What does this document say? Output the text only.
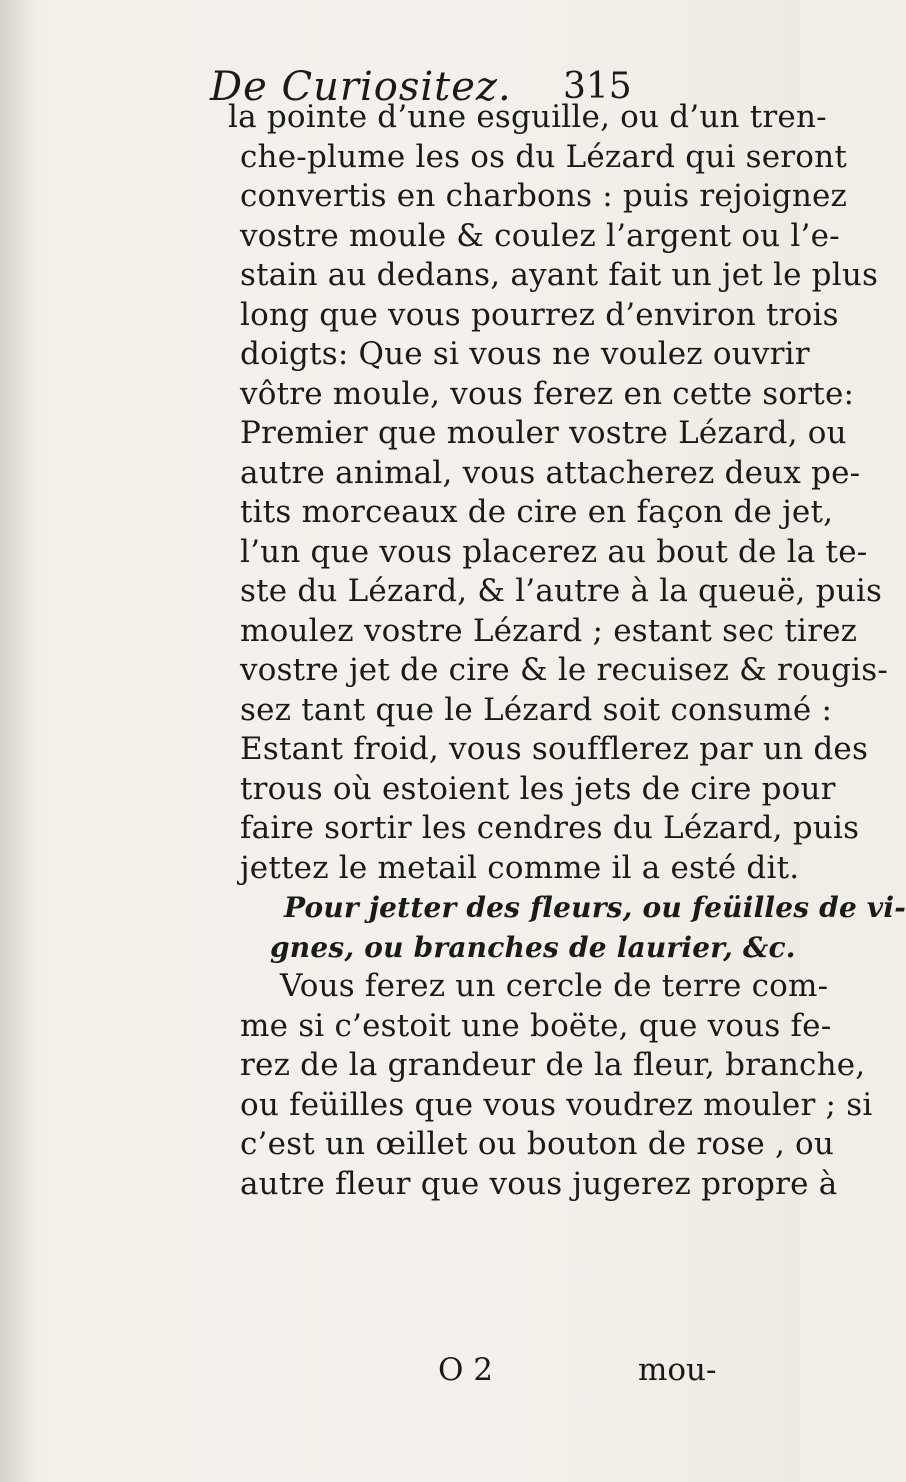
De Curiositez. 315
la pointe d’une esguille, ou d’un tren-
che-plume les os du Lézard qui seront
convertis en charbons : puis rejoignez
vostre moule & coulez l’argent ou l’e-
stain au dedans, ayant fait un jet le plus
long que vous pourrez d’environ trois
doigts: Que si vous ne voulez ouvrir
vôtre moule, vous ferez en cette sorte:
Premier que mouler vostre Lézard, ou
autre animal, vous attacherez deux pe-
tits morceaux de cire en façon de jet,
l’un que vous placerez au bout de la te-
ste du Lézard, & l’autre à la queuë, puis
moulez vostre Lézard ; estant sec tirez
vostre jet de cire & le recuisez & rougis-
sez tant que le Lézard soit consumé :
Estant froid, vous soufflerez par un des
trous où estoient les jets de cire pour
faire sortir les cendres du Lézard, puis
jettez le metail comme il a esté dit.
Pour jetter des fleurs, ou feüilles de vi-
gnes, ou branches de laurier, &c.
Vous ferez un cercle de terre com-
me si c’estoit une boëte, que vous fe-
rez de la grandeur de la fleur, branche,
ou feüilles que vous voudrez mouler ; si
c’est un œillet ou bouton de rose , ou
autre fleur que vous jugerez propre à
O 2	mou-
